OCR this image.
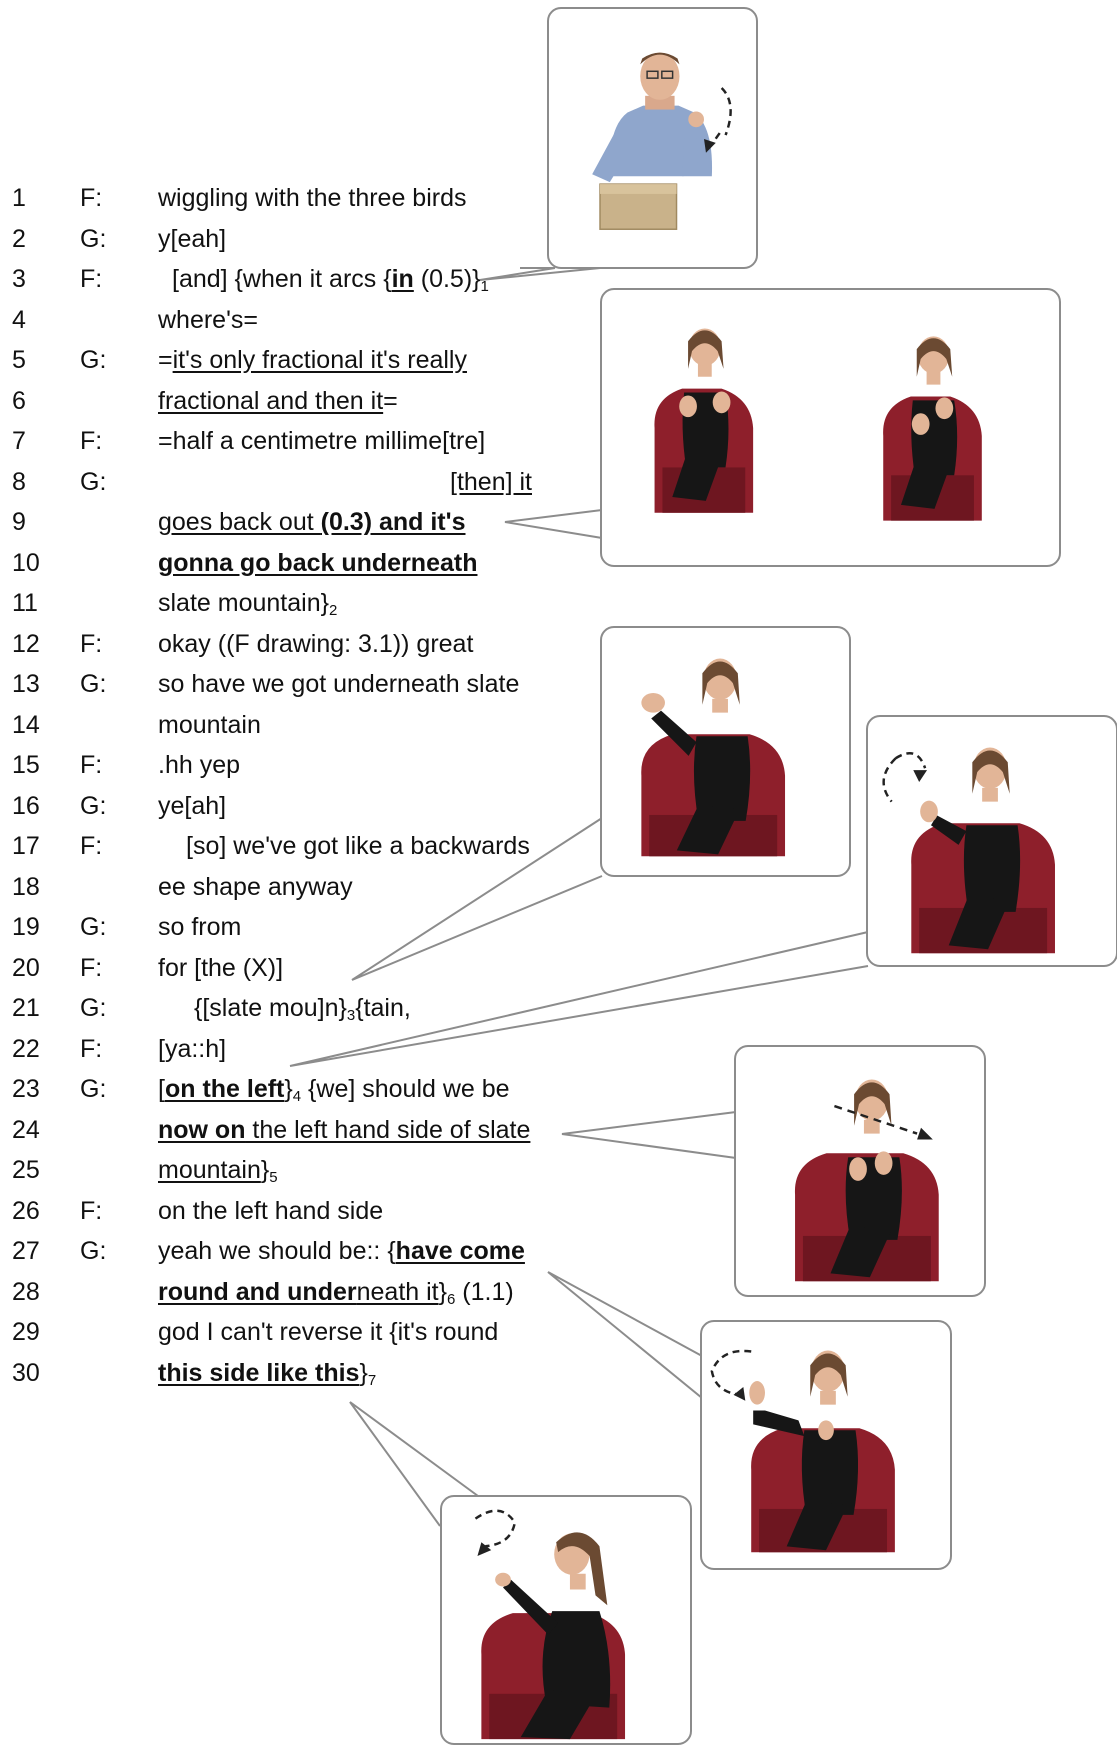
1 F: wiggling with the three birds
2 G: y[eah]
3 F:	[and] {when it arcs {in $(0.5)\}_1$
4	where's=
5 G: =it's only fractional it's really
6	fractional and then it=
7 F: =half a centimetre millime[tre]
8 G:	[then] it
9	goes back out (0.3) and it's
10	gonna go back underneath
11	slate $mountain\}_2$
12 F: okay ((F drawing: 3.1)) great
13 G: so have we got underneath slate
14	mountain
15 F: .hh yep
16 G: ye[ah]
17 F:	[so] we've got like a backwards
18	ee shape anyway
19 G: so from
20 F: for [the (X)]
21 G:	{[slate $mou]n\}_3\{tain$,
22 F: [ya::h]
23 G: [on the $left\}_4$ {we] should we be
24	now on the left hand side of slate
25	$mountain\}_5$
26 F: on the left hand side
27 G: yeah we should be:: {have come
28	round and underneath $it\}_6$ (1.1)
29	god I can't reverse it {it's round
30	this side like $this\}_7$
